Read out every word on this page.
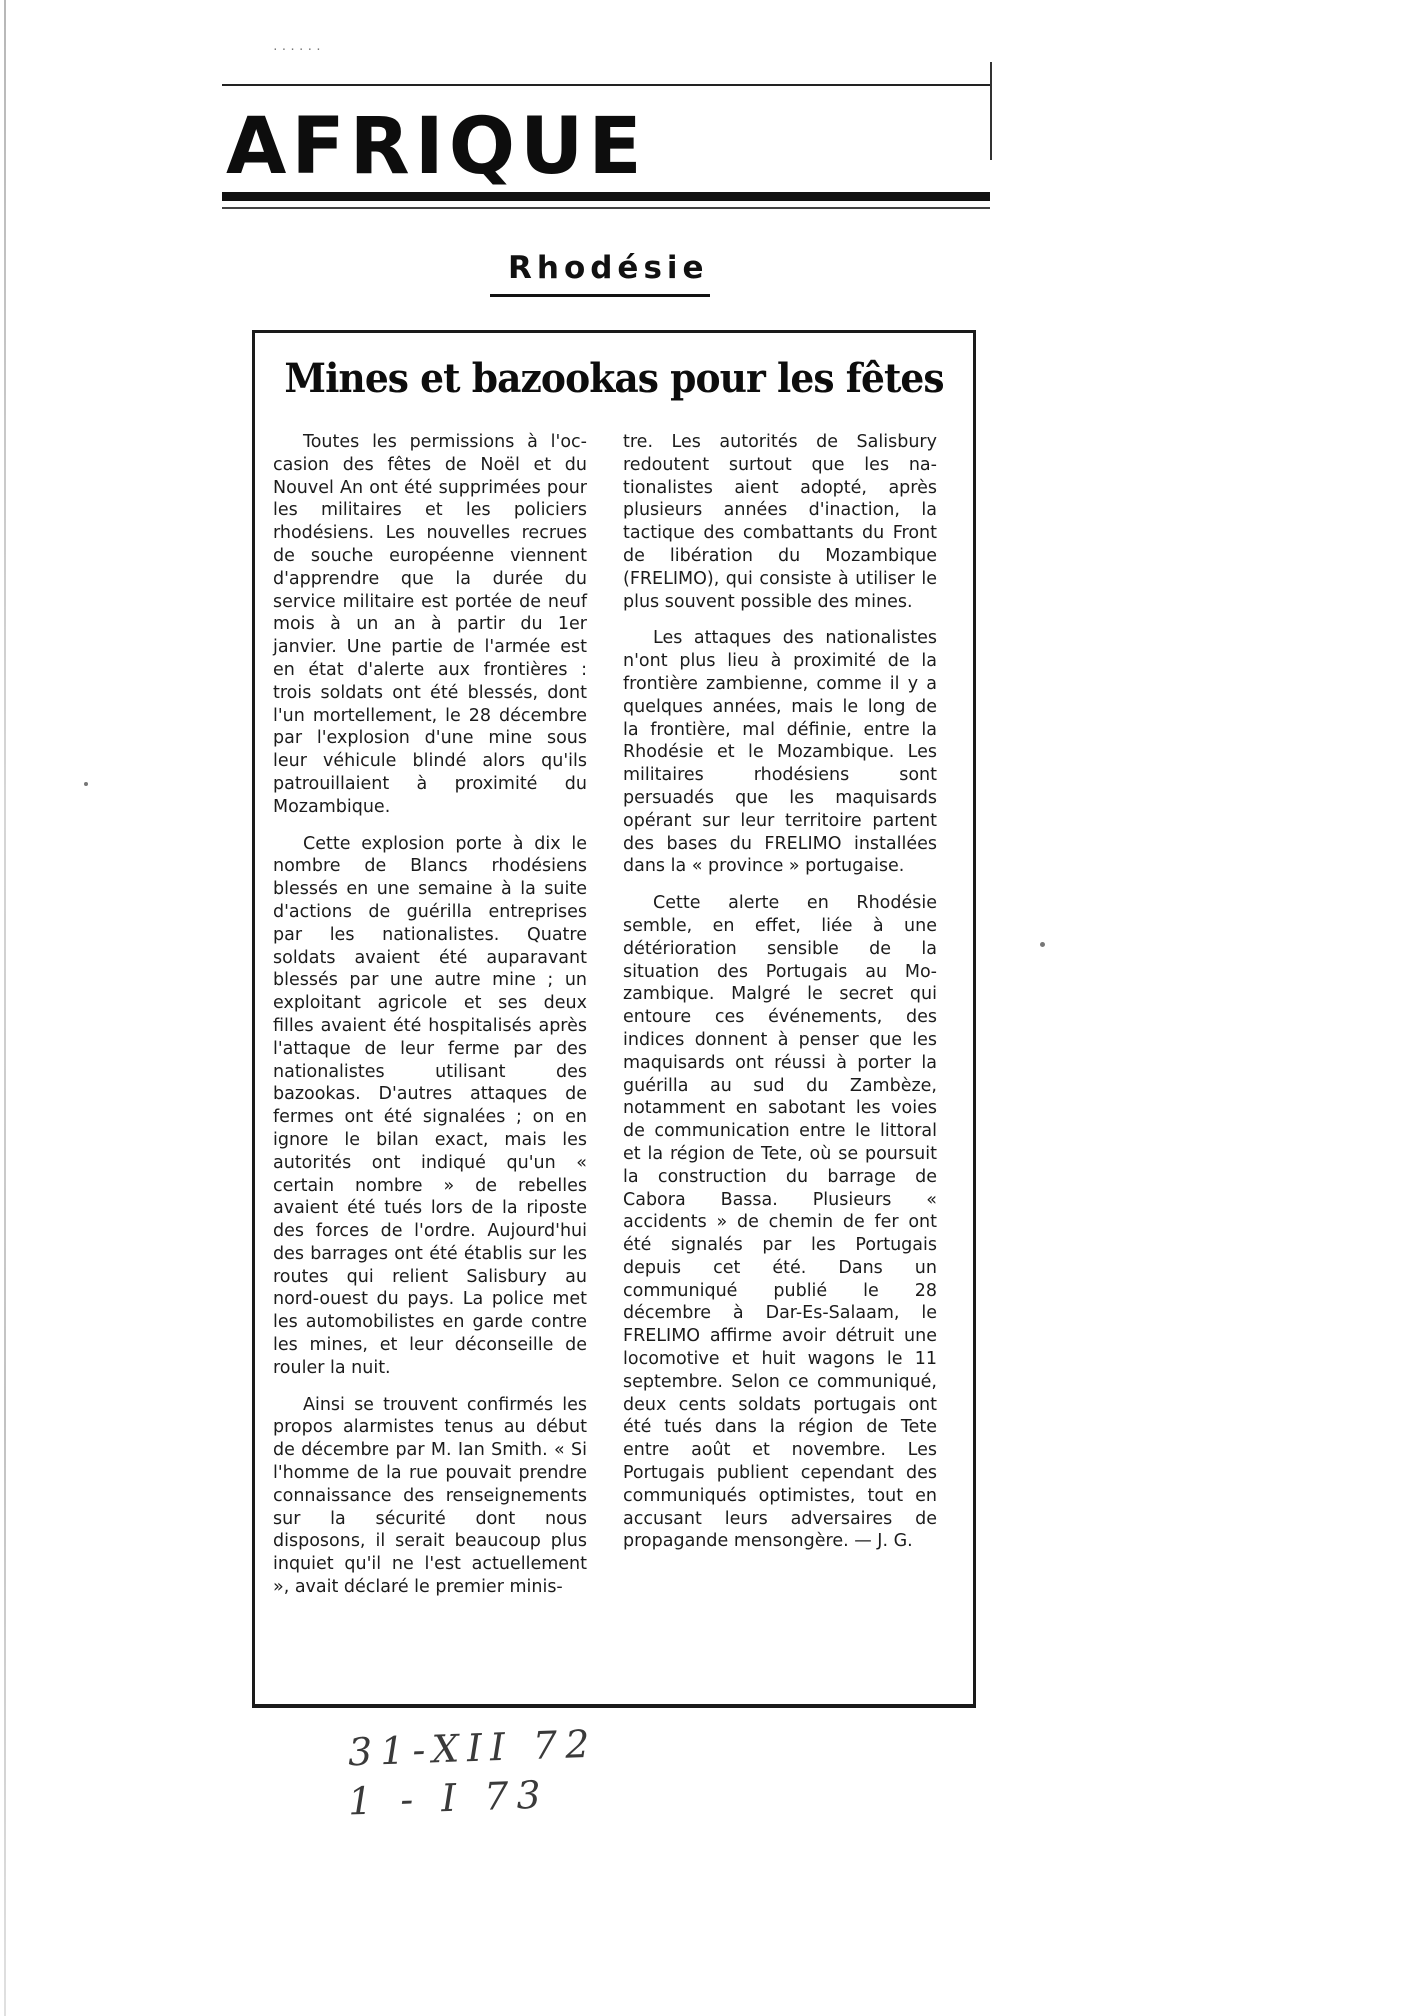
......
AFRIQUE
Rhodésie
Mines et bazookas pour les fêtes

Toutes les permissions à l'occasion des fêtes de Noël et du Nouvel An ont été supprimées pour les militaires et les policiers rhodésiens. Les nouvelles recrues de souche européenne viennent d'apprendre que la durée du service militaire est portée de neuf mois à un an à partir du 1er janvier. Une partie de l'armée est en état d'alerte aux frontières : trois soldats ont été blessés, dont l'un mortellement, le 28 décembre par l'explosion d'une mine sous leur véhicule blindé alors qu'ils patrouillaient à proximité du Mozambique.

Cette explosion porte à dix le nombre de Blancs rhodésiens blessés en une semaine à la suite d'actions de guérilla entreprises par les nationalistes. Quatre soldats avaient été auparavant blessés par une autre mine ; un exploitant agricole et ses deux filles avaient été hospitalisés après l'attaque de leur ferme par des nationalistes utilisant des bazookas. D'autres attaques de fermes ont été signalées ; on en ignore le bilan exact, mais les autorités ont indiqué qu'un « certain nombre » de rebelles avaient été tués lors de la riposte des forces de l'ordre. Aujourd'hui des barrages ont été établis sur les routes qui relient Salisbury au nord-ouest du pays. La police met les automobilistes en garde contre les mines, et leur déconseille de rouler la nuit.

Ainsi se trouvent confirmés les propos alarmistes tenus au début de décembre par M. Ian Smith. « Si l'homme de la rue pouvait prendre connaissance des renseignements sur la sécurité dont nous disposons, il serait beaucoup plus inquiet qu'il ne l'est actuellement », avait déclaré le premier minis-

tre. Les autorités de Salisbury redoutent surtout que les nationalistes aient adopté, après plusieurs années d'inaction, la tactique des combattants du Front de libération du Mozambique (FRELIMO), qui consiste à utiliser le plus souvent possible des mines.

Les attaques des nationalistes n'ont plus lieu à proximité de la frontière zambienne, comme il y a quelques années, mais le long de la frontière, mal définie, entre la Rhodésie et le Mozambique. Les militaires rhodésiens sont persuadés que les maquisards opérant sur leur territoire partent des bases du FRELIMO installées dans la « province » portugaise.

Cette alerte en Rhodésie semble, en effet, liée à une détérioration sensible de la situation des Portugais au Mozambique. Malgré le secret qui entoure ces événements, des indices donnent à penser que les maquisards ont réussi à porter la guérilla au sud du Zambèze, notamment en sabotant les voies de communication entre le littoral et la région de Tete, où se poursuit la construction du barrage de Cabora Bassa. Plusieurs « accidents » de chemin de fer ont été signalés par les Portugais depuis cet été. Dans un communiqué publié le 28 décembre à Dar-Es-Salaam, le FRELIMO affirme avoir détruit une locomotive et huit wagons le 11 septembre. Selon ce communiqué, deux cents soldats portugais ont été tués dans la région de Tete entre août et novembre. Les Portugais publient cependant des communiqués optimistes, tout en accusant leurs adversaires de propagande mensongère. — J. G.

31-XII 72
1 - I 73
